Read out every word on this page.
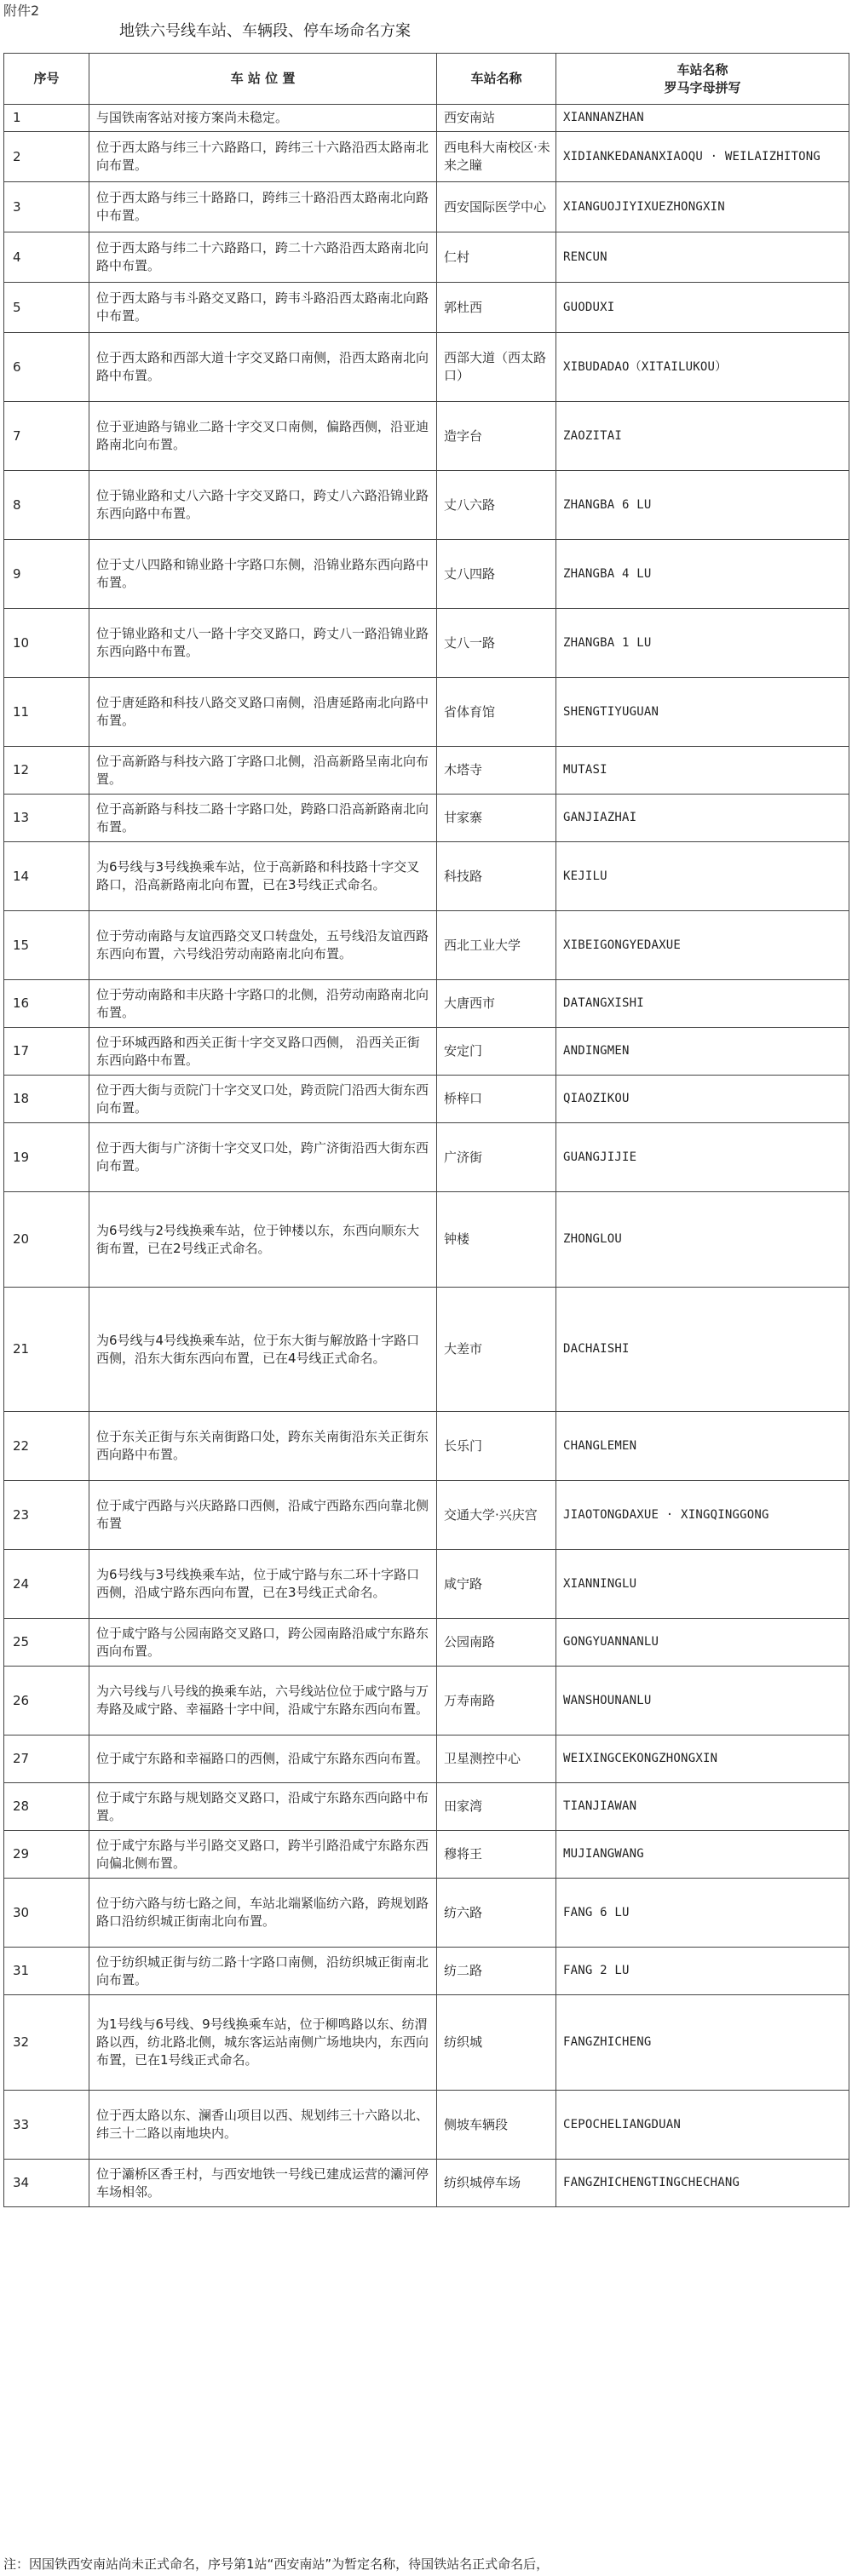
附件2
地铁六号线车站、车辆段、停车场命名方案
序号	车 站 位 置	车站名称	车站名称
罗马字母拼写

1	与国铁南客站对接方案尚未稳定。	西安南站	XIANNANZHAN
2	位于西太路与纬三十六路路口，跨纬三十六路沿西太路南北向布置。	西电科大南校区·未来之瞳	XIDIANKEDANANXIAOQU · WEILAIZHITONG
3	位于西太路与纬三十路路口，跨纬三十路沿西太路南北向路中布置。	西安国际医学中心	XIANGUOJIYIXUEZHONGXIN
4	位于西太路与纬二十六路路口，跨二十六路沿西太路南北向路中布置。	仁村	RENCUN
5	位于西太路与韦斗路交叉路口，跨韦斗路沿西太路南北向路中布置。	郭杜西	GUODUXI
6	位于西太路和西部大道十字交叉路口南侧，沿西太路南北向路中布置。	西部大道（西太路口）	XIBUDADAO（XITAILUKOU）
7	位于亚迪路与锦业二路十字交叉口南侧，偏路西侧，沿亚迪路南北向布置。	造字台	ZAOZITAI
8	位于锦业路和丈八六路十字交叉路口，跨丈八六路沿锦业路东西向路中布置。	丈八六路	ZHANGBA 6 LU
9	位于丈八四路和锦业路十字路口东侧，沿锦业路东西向路中布置。	丈八四路	ZHANGBA 4 LU
10	位于锦业路和丈八一路十字交叉路口，跨丈八一路沿锦业路东西向路中布置。	丈八一路	ZHANGBA 1 LU
11	位于唐延路和科技八路交叉路口南侧，沿唐延路南北向路中布置。	省体育馆	SHENGTIYUGUAN
12	位于高新路与科技六路丁字路口北侧，沿高新路呈南北向布置。	木塔寺	MUTASI
13	位于高新路与科技二路十字路口处，跨路口沿高新路南北向布置。	甘家寨	GANJIAZHAI
14	为6号线与3号线换乘车站，位于高新路和科技路十字交叉路口，沿高新路南北向布置，已在3号线正式命名。	科技路	KEJILU
15	位于劳动南路与友谊西路交叉口转盘处，五号线沿友谊西路东西向布置，六号线沿劳动南路南北向布置。	西北工业大学	XIBEIGONGYEDAXUE
16	位于劳动南路和丰庆路十字路口的北侧，沿劳动南路南北向布置。	大唐西市	DATANGXISHI
17	位于环城西路和西关正街十字交叉路口西侧， 沿西关正街东西向路中布置。	安定门	ANDINGMEN
18	位于西大街与贡院门十字交叉口处，跨贡院门沿西大街东西向布置。	桥梓口	QIAOZIKOU
19	位于西大街与广济街十字交叉口处，跨广济街沿西大街东西向布置。	广济街	GUANGJIJIE
20	为6号线与2号线换乘车站，位于钟楼以东，东西向顺东大街布置，已在2号线正式命名。	钟楼	ZHONGLOU
21	为6号线与4号线换乘车站，位于东大街与解放路十字路口西侧，沿东大街东西向布置，已在4号线正式命名。	大差市	DACHAISHI
22	位于东关正街与东关南街路口处，跨东关南街沿东关正街东西向路中布置。	长乐门	CHANGLEMEN
23	位于咸宁西路与兴庆路路口西侧，沿咸宁西路东西向靠北侧布置	交通大学·兴庆宫	JIAOTONGDAXUE · XINGQINGGONG
24	为6号线与3号线换乘车站，位于咸宁路与东二环十字路口西侧，沿咸宁路东西向布置，已在3号线正式命名。	咸宁路	XIANNINGLU
25	位于咸宁路与公园南路交叉路口，跨公园南路沿咸宁东路东西向布置。	公园南路	GONGYUANNANLU
26	为六号线与八号线的换乘车站，六号线站位位于咸宁路与万寿路及咸宁路、幸福路十字中间，沿咸宁东路东西向布置。	万寿南路	WANSHOUNANLU
27	位于咸宁东路和幸福路口的西侧，沿咸宁东路东西向布置。	卫星测控中心	WEIXINGCEKONGZHONGXIN
28	位于咸宁东路与规划路交叉路口，沿咸宁东路东西向路中布置。	田家湾	TIANJIAWAN
29	位于咸宁东路与半引路交叉路口，跨半引路沿咸宁东路东西向偏北侧布置。	穆将王	MUJIANGWANG
30	位于纺六路与纺七路之间，车站北端紧临纺六路，跨规划路路口沿纺织城正街南北向布置。	纺六路	FANG 6 LU
31	位于纺织城正街与纺二路十字路口南侧，沿纺织城正街南北向布置。	纺二路	FANG 2 LU
32	为1号线与6号线、9号线换乘车站，位于柳鸣路以东、纺渭路以西，纺北路北侧，城东客运站南侧广场地块内，东西向布置，已在1号线正式命名。	纺织城	FANGZHICHENG
33	位于西太路以东、澜香山项目以西、规划纬三十六路以北、纬三十二路以南地块内。	侧坡车辆段	CEPOCHELIANGDUAN
34	位于灞桥区香王村，与西安地铁一号线已建成运营的灞河停车场相邻。	纺织城停车场	FANGZHICHENGTINGCHECHANG
注：因国铁西安南站尚未正式命名，序号第1站“西安南站”为暂定名称，待国铁站名正式命名后，
